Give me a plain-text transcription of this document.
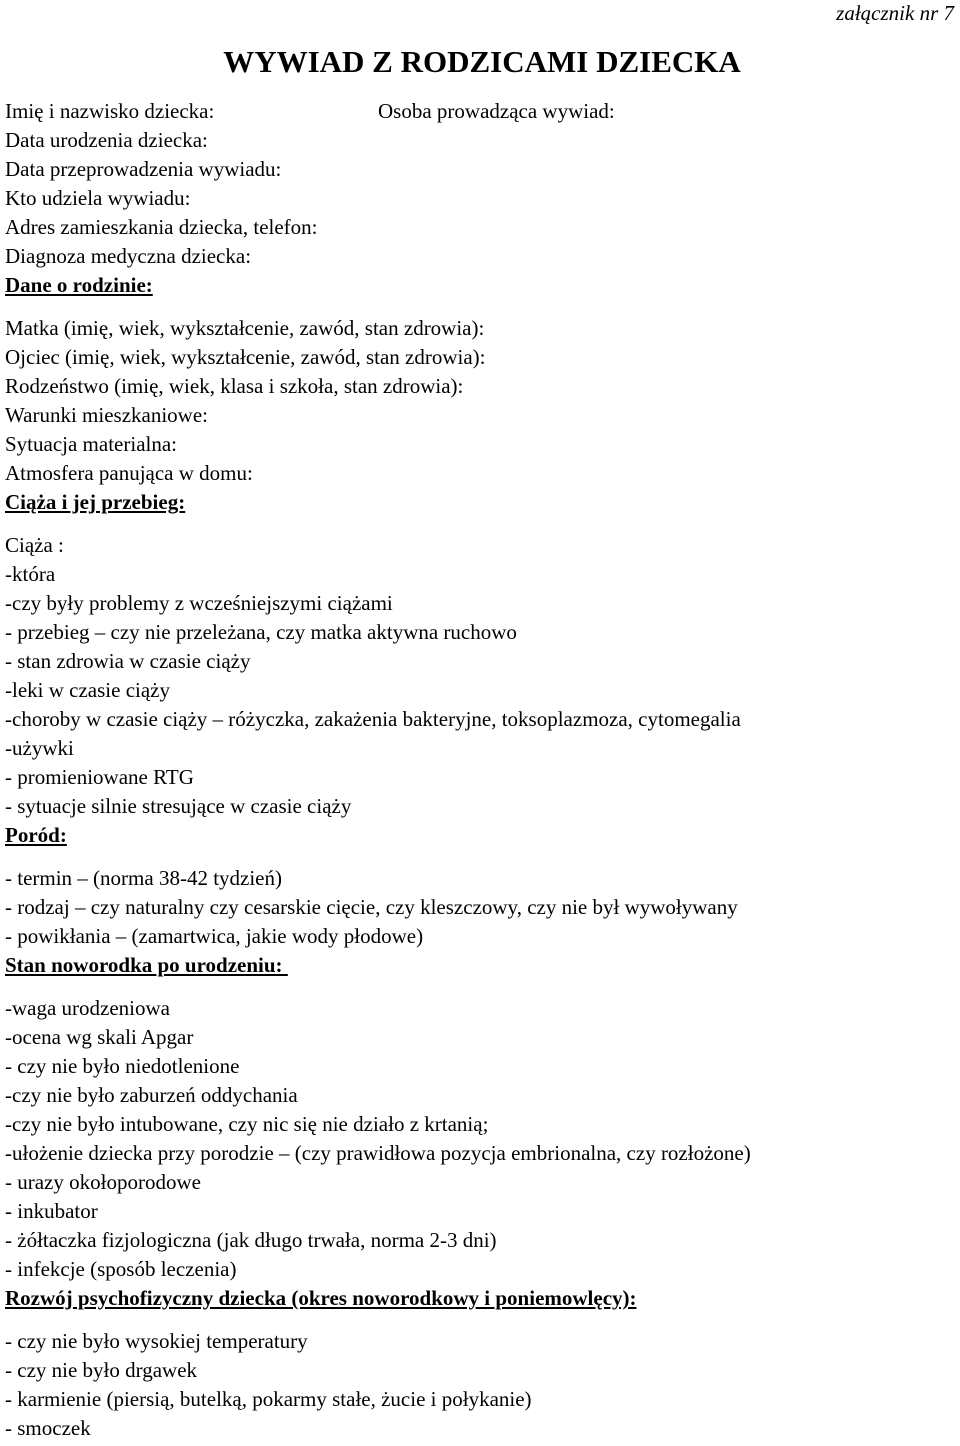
załącznik nr 7
WYWIAD Z RODZICAMI DZIECKA
Imię i nazwisko dziecka:	Osoba prowadząca wywiad:
Data urodzenia dziecka:
Data przeprowadzenia wywiadu:
Kto udziela wywiadu:
Adres zamieszkania dziecka, telefon:
Diagnoza medyczna dziecka:
Dane o rodzinie:
Matka (imię, wiek, wykształcenie, zawód, stan zdrowia):
Ojciec (imię, wiek, wykształcenie, zawód, stan zdrowia):
Rodzeństwo (imię, wiek, klasa i szkoła, stan zdrowia):
Warunki mieszkaniowe:
Sytuacja materialna:
Atmosfera panująca w domu:
Ciąża i jej przebieg:
Ciąża :
-która
-czy były problemy z wcześniejszymi ciążami
- przebieg – czy nie przeleżana, czy matka aktywna ruchowo
- stan zdrowia w czasie ciąży
-leki w czasie ciąży
-choroby w czasie ciąży – różyczka, zakażenia bakteryjne, toksoplazmoza, cytomegalia
-używki
- promieniowane RTG
- sytuacje silnie stresujące w czasie ciąży
Poród:
- termin – (norma 38-42 tydzień)
- rodzaj – czy naturalny czy cesarskie cięcie, czy kleszczowy, czy nie był wywoływany
- powikłania – (zamartwica, jakie wody płodowe)
Stan noworodka po urodzeniu:
-waga urodzeniowa
-ocena wg skali Apgar
- czy nie było niedotlenione
-czy nie było zaburzeń oddychania
-czy nie było intubowane, czy nic się nie działo z krtanią;
-ułożenie dziecka przy porodzie – (czy prawidłowa pozycja embrionalna, czy rozłożone)
- urazy okołoporodowe
- inkubator
- żółtaczka fizjologiczna (jak długo trwała, norma 2-3 dni)
- infekcje (sposób leczenia)
Rozwój psychofizyczny dziecka (okres noworodkowy i poniemowlęcy):
- czy nie było wysokiej temperatury
- czy nie było drgawek
- karmienie (piersią, butelką, pokarmy stałe, żucie i połykanie)
- smoczek
